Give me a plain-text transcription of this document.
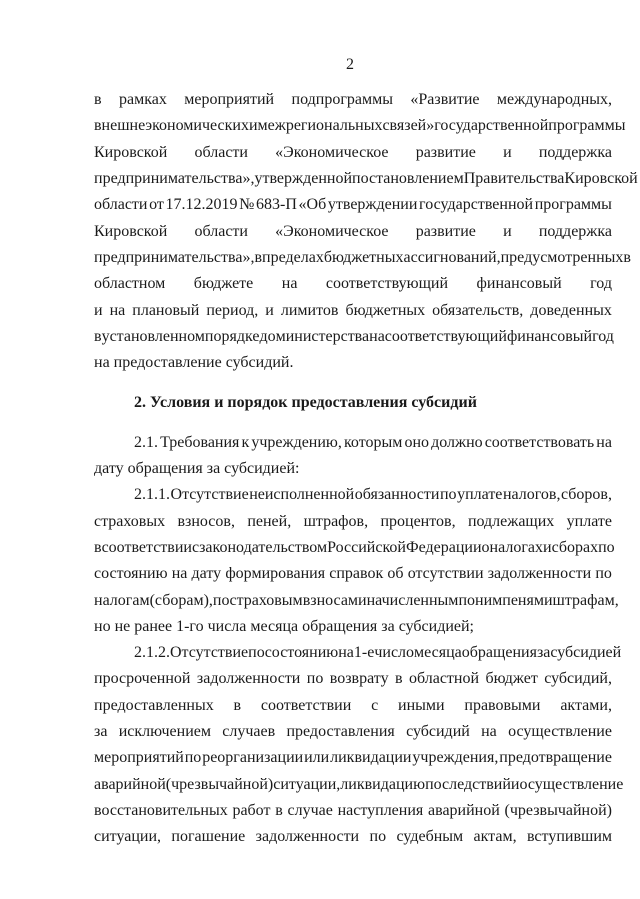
2
в рамках мероприятий подпрограммы «Развитие международных,
внешнеэкономических и межрегиональных связей» государственной программы
Кировской области «Экономическое развитие и поддержка
предпринимательства», утвержденной постановлением Правительства Кировской
области от 17.12.2019 № 683-П «Об утверждении государственной программы
Кировской области «Экономическое развитие и поддержка
предпринимательства», в пределах бюджетных ассигнований, предусмотренных в
областном бюджете на соответствующий финансовый год
и на плановый период, и лимитов бюджетных обязательств, доведенных
в установленном порядке до министерства на соответствующий финансовый год
на предоставление субсидий.
2. Условия и порядок предоставления субсидий
2.1. Требования к учреждению, которым оно должно соответствовать на
дату обращения за субсидией:
2.1.1. Отсутствие неисполненной обязанности по уплате налогов, сборов,
страховых взносов, пеней, штрафов, процентов, подлежащих уплате
в соответствии с законодательством Российской Федерации о налогах и сборах по
состоянию на дату формирования справок об отсутствии задолженности по
налогам (сборам), по страховым взносам и начисленным по ним пеням и штрафам,
но не ранее 1-го числа месяца обращения за субсидией;
2.1.2. Отсутствие по состоянию на 1-е число месяца обращения за субсидией
просроченной задолженности по возврату в областной бюджет субсидий,
предоставленных в соответствии с иными правовыми актами,
за исключением случаев предоставления субсидий на осуществление
мероприятий по реорганизации или ликвидации учреждения, предотвращение
аварийной (чрезвычайной) ситуации, ликвидацию последствий и осуществление
восстановительных работ в случае наступления аварийной (чрезвычайной)
ситуации, погашение задолженности по судебным актам, вступившим
